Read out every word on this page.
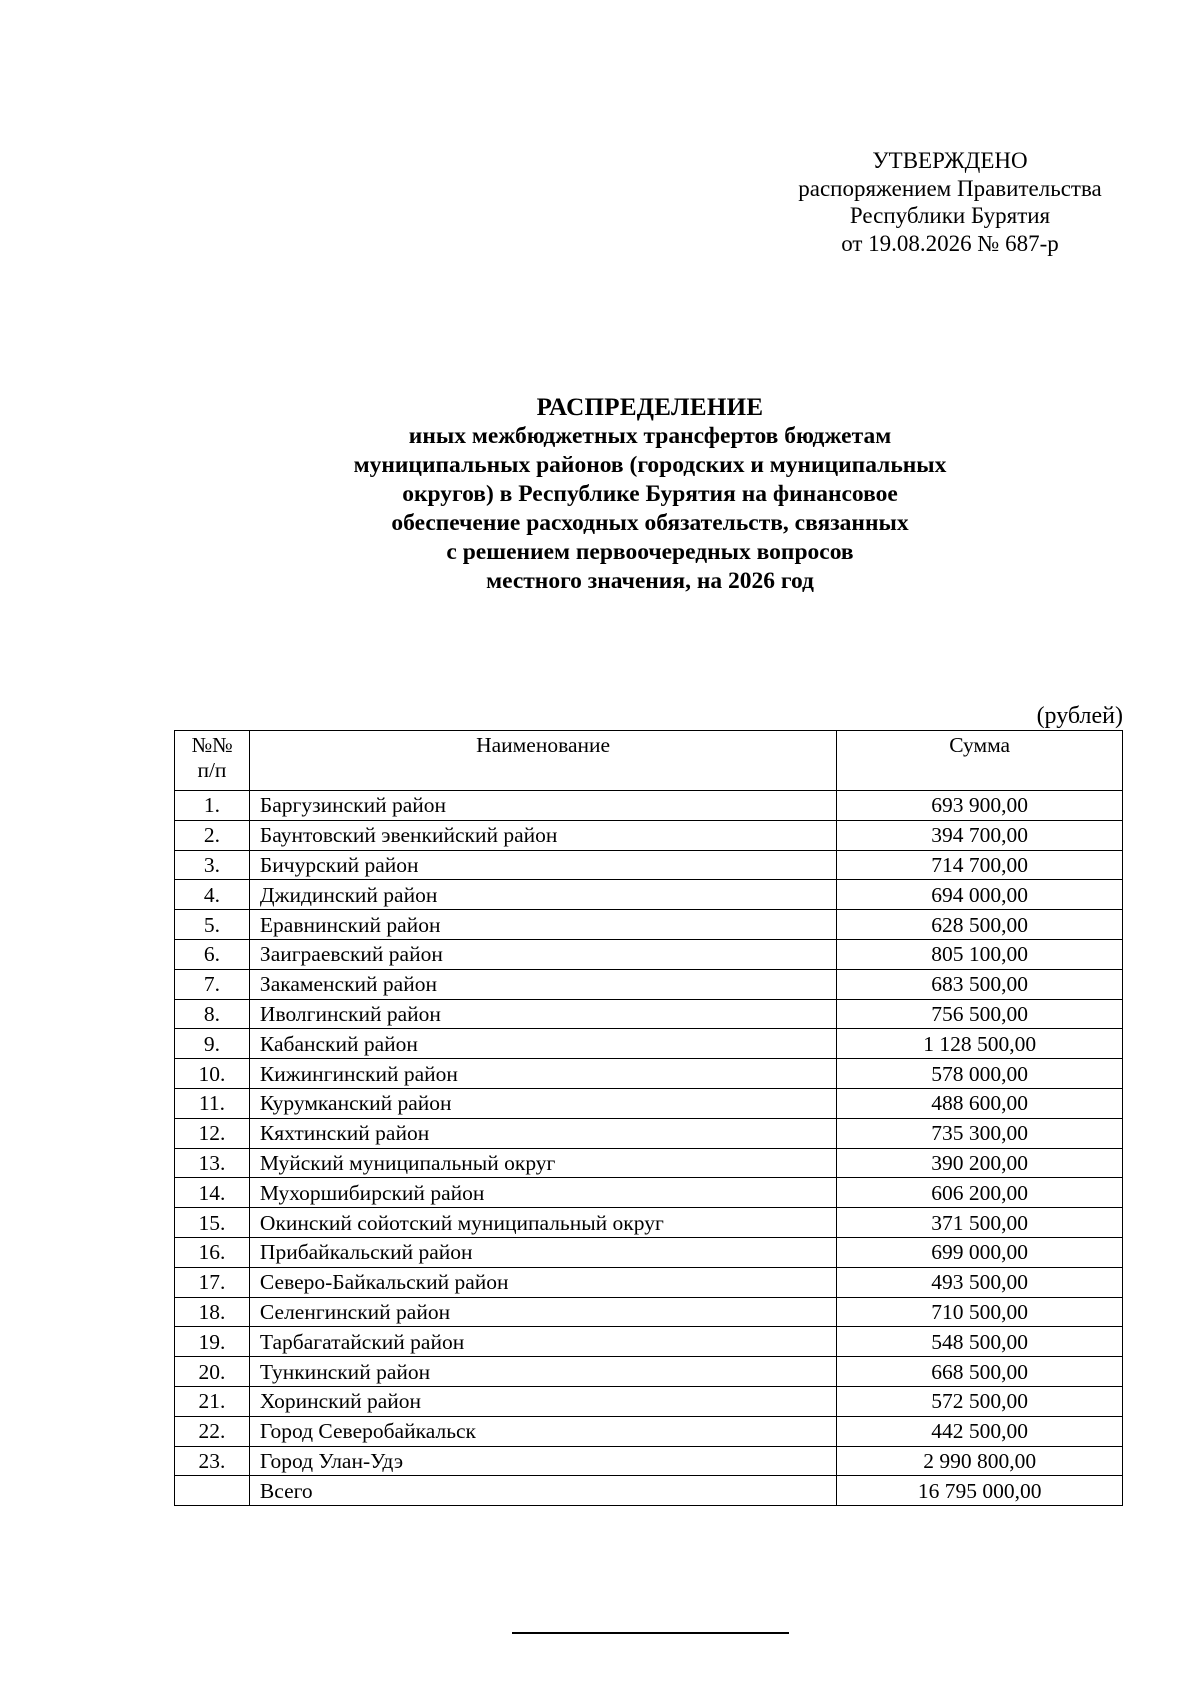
УТВЕРЖДЕНО
распоряжением Правительства
Республики Бурятия
от 19.08.2026 № 687-р
РАСПРЕДЕЛЕНИЕ
иных межбюджетных трансфертов бюджетам
муниципальных районов (городских и муниципальных
округов) в Республике Бурятия на финансовое
обеспечение расходных обязательств, связанных
с решением первоочередных вопросов
местного значения, на 2026 год
(рублей)
№№
п/п	Наименование	Сумма
1.	Баргузинский район	693 900,00
2.	Баунтовский эвенкийский район	394 700,00
3.	Бичурский район	714 700,00
4.	Джидинский район	694 000,00
5.	Еравнинский район	628 500,00
6.	Заиграевский район	805 100,00
7.	Закаменский район	683 500,00
8.	Иволгинский район	756 500,00
9.	Кабанский район	1 128 500,00
10.	Кижингинский район	578 000,00
11.	Курумканский район	488 600,00
12.	Кяхтинский район	735 300,00
13.	Муйский муниципальный округ	390 200,00
14.	Мухоршибирский район	606 200,00
15.	Окинский сойотский муниципальный округ	371 500,00
16.	Прибайкальский район	699 000,00
17.	Северо-Байкальский район	493 500,00
18.	Селенгинский район	710 500,00
19.	Тарбагатайский район	548 500,00
20.	Тункинский район	668 500,00
21.	Хоринский район	572 500,00
22.	Город Северобайкальск	442 500,00
23.	Город Улан-Удэ	2 990 800,00
	Всего	16 795 000,00
